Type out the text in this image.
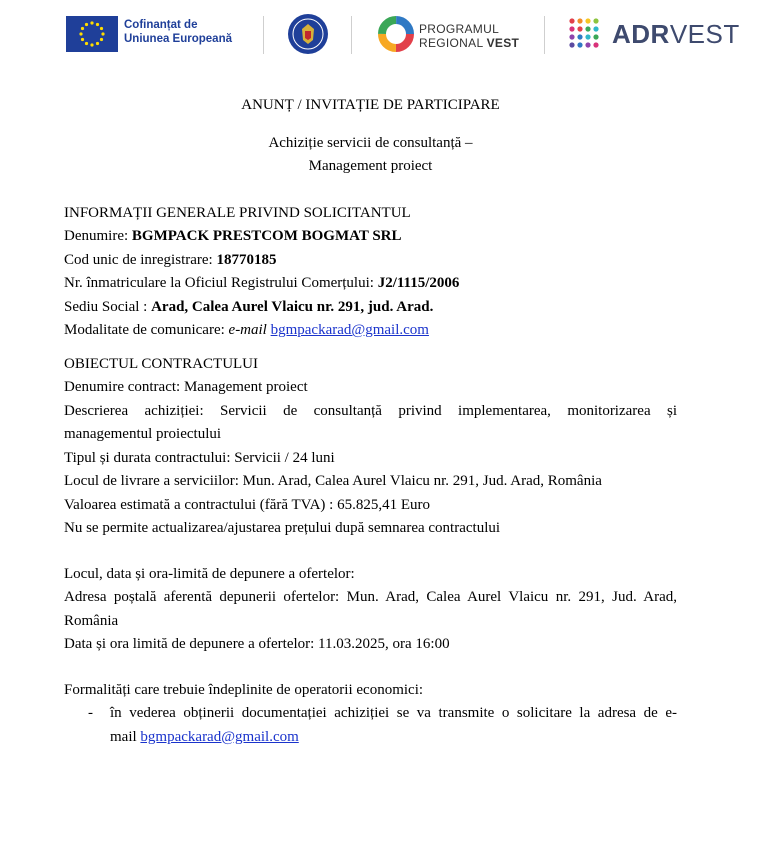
Cofinanțat de
Uniunea Europeană
PROGRAMUL
REGIONAL VEST	ADRVEST

ANUNȚ / INVITAȚIE DE PARTICIPARE

Achiziție servicii de consultanță –

Management proiect

INFORMAȚII GENERALE PRIVIND SOLICITANTUL

Denumire: BGMPACK PRESTCOM BOGMAT SRL

Cod unic de inregistrare: 18770185

Nr. înmatriculare la Oficiul Registrului Comerțului: J2/1115/2006

Sediu Social : Arad, Calea Aurel Vlaicu nr. 291, jud. Arad.

Modalitate de comunicare: e-mail bgmpackarad@gmail.com

OBIECTUL CONTRACTULUI

Denumire contract: Management proiect

Descrierea achiziției: Servicii de consultanță privind implementarea, monitorizarea și

managementul proiectului

Tipul și durata contractului: Servicii / 24 luni

Locul de livrare a serviciilor: Mun. Arad, Calea Aurel Vlaicu nr. 291, Jud. Arad, România

Valoarea estimată a contractului (fără TVA) : 65.825,41 Euro

Nu se permite actualizarea/ajustarea prețului după semnarea contractului

Locul, data și ora-limită de depunere a ofertelor:

Adresa poștală aferentă depunerii ofertelor: Mun. Arad, Calea Aurel Vlaicu nr. 291, Jud. Arad,

România

Data și ora limită de depunere a ofertelor: 11.03.2025, ora 16:00

Formalități care trebuie îndeplinite de operatorii economici:

- în vederea obținerii documentației achiziției se va transmite o solicitare la adresa de e-

mail bgmpackarad@gmail.com
